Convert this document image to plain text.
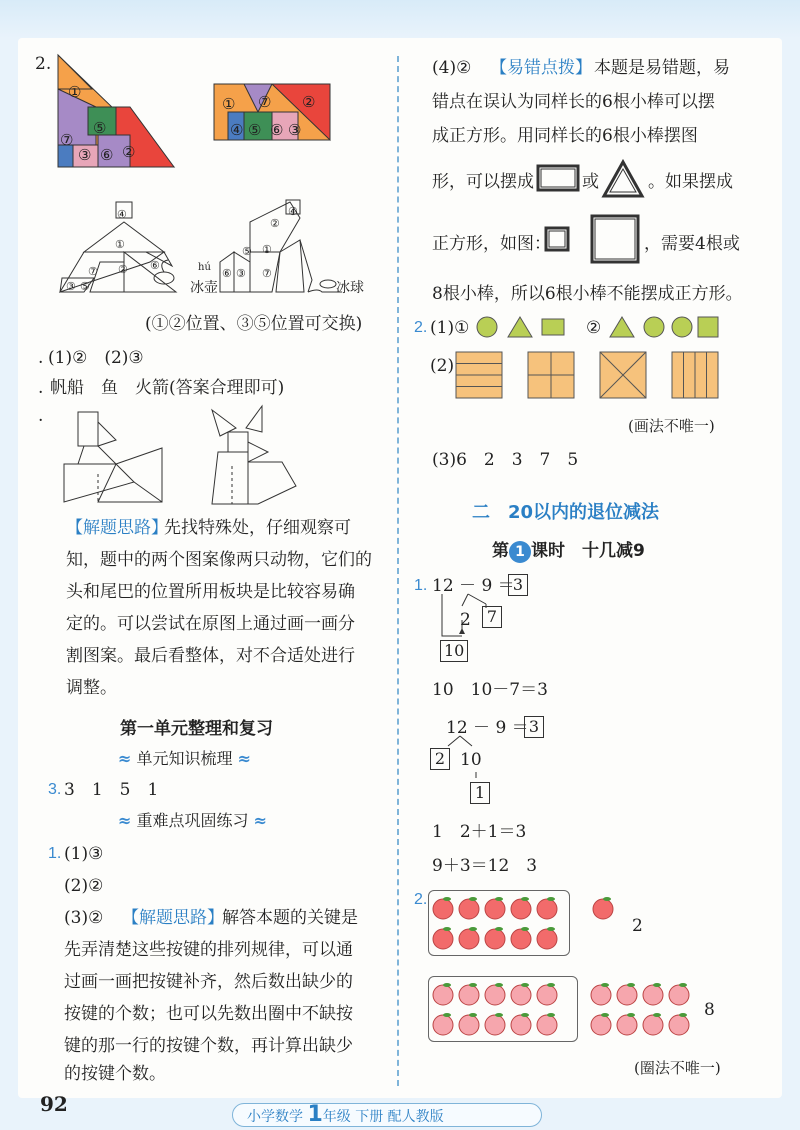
2.
①
⑦
⑤
③ ⑥ ②
① ⑦ ②
④ ⑤ ⑥ ③
④
①
⑦ ② ⑥
③ ⑤
⑥ ③
①
⑦
②
④
⑤
hú
冰壶	冰球
(①②位置、③⑤位置可交换)
. (1)②　(2)③
. 帆船　鱼　火箭(答案合理即可)
.
【解题思路】
先找特殊处，仔细观察可
知，题中的两个图案像两只动物，它们的
头和尾巴的位置所用板块是比较容易确
定的。可以尝试在原图上通过画一画分
割图案。最后看整体，对不合适处进行
调整。
第一单元整理和复习
≈ 单元知识梳理 ≈
3. 3　1　5　1
≈ 重难点巩固练习 ≈
1. (1)③
(2)②
(3)② 【解题思路】
解答本题的关键是
先弄清楚这些按键的排列规律，可以通
过画一画把按键补齐，然后数出缺少的
按键的个数；也可以先数出圈中不缺按
键的那一行的按键个数，再计算出缺少
的按键个数。
(4)② 【易错点拨】 本题是易错题，易
错点在误认为同样长的6根小棒可以摆
成正方形。用同样长的6根小棒摆图
形，可以摆成	或	。如果摆成
正方形，如图：	，需要4根或
8根小棒，所以6根小棒不能摆成正方形。
2. (1)①	②
(2)
(画法不唯一)
(3)6　2　3　7　5
二　20以内的退位减法
第 1 课时　十几减9
1. 12 － 9 ＝
3
2	7
10
10　10－7＝3
12 － 9 ＝ 3
2 10
1
1　2＋1＝3
9＋3＝12　3
2.
2
8
(圈法不唯一)
92
小学数学 1年级 下册 配人教版
